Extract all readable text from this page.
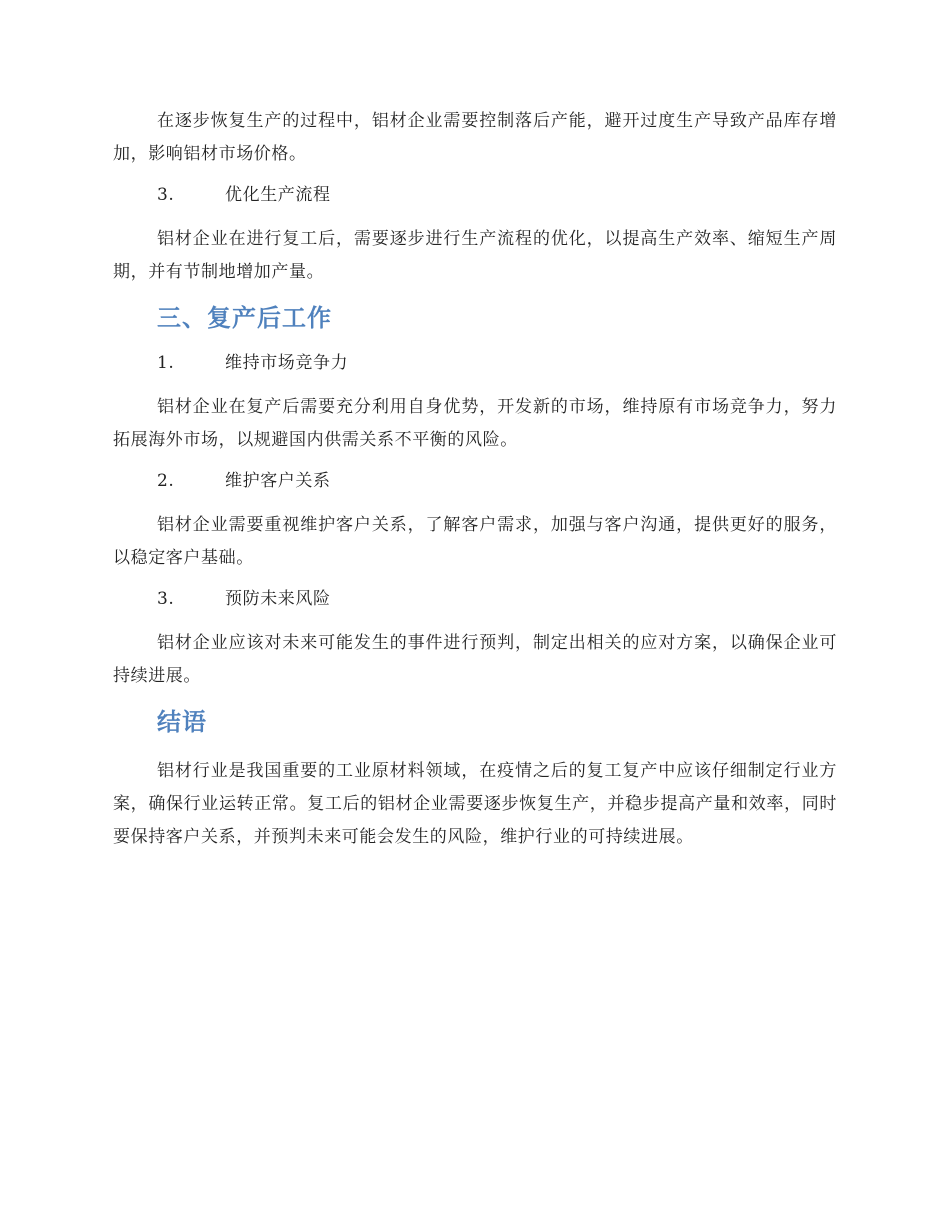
在逐步恢复生产的过程中，铝材企业需要控制落后产能，避开过度生产导致产品库存增加，影响铝材市场价格。

3.	优化生产流程

铝材企业在进行复工后，需要逐步进行生产流程的优化，以提高生产效率、缩短生产周期，并有节制地增加产量。

三、复产后工作
1.	维持市场竞争力

铝材企业在复产后需要充分利用自身优势，开发新的市场，维持原有市场竞争力，努力拓展海外市场，以规避国内供需关系不平衡的风险。

2.	维护客户关系

铝材企业需要重视维护客户关系，了解客户需求，加强与客户沟通，提供更好的服务，以稳定客户基础。

3.	预防未来风险

铝材企业应该对未来可能发生的事件进行预判，制定出相关的应对方案，以确保企业可持续进展。

结语

铝材行业是我国重要的工业原材料领域，在疫情之后的复工复产中应该仔细制定行业方案，确保行业运转正常。复工后的铝材企业需要逐步恢复生产，并稳步提高产量和效率，同时要保持客户关系，并预判未来可能会发生的风险，维护行业的可持续进展。
